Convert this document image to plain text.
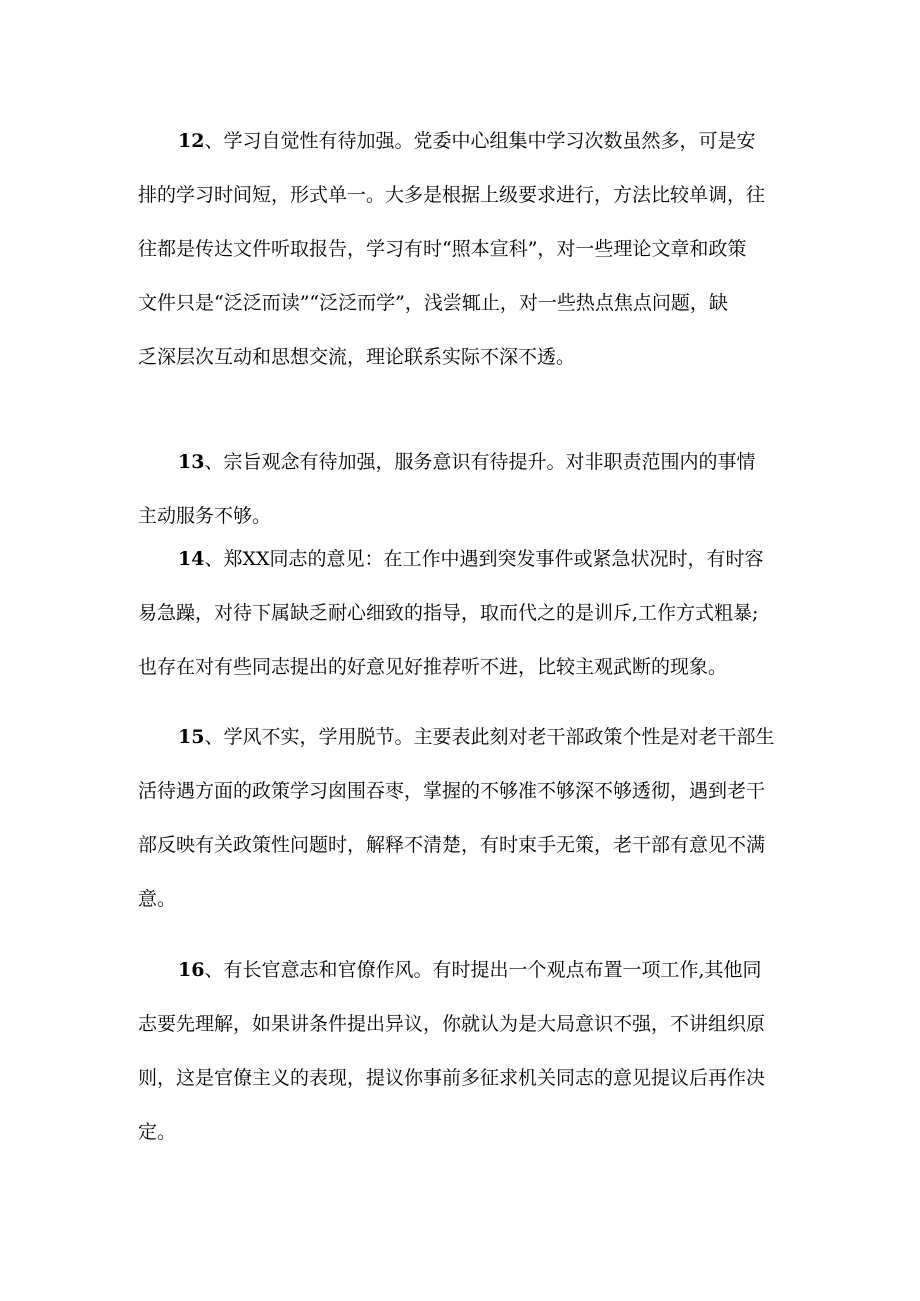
12、学习自觉性有待加强。党委中心组集中学习次数虽然多，可是安
排的学习时间短，形式单一。大多是根据上级要求进行，方法比较单调，往
往都是传达文件听取报告，学习有时“照本宣科”，对一些理论文章和政策
文件只是“泛泛而读”“泛泛而学”，浅尝辄止，对一些热点焦点问题，缺
乏深层次互动和思想交流，理论联系实际不深不透。
13、宗旨观念有待加强，服务意识有待提升。对非职责范围内的事情
主动服务不够。
14、郑XX同志的意见：在工作中遇到突发事件或紧急状况时，有时容
易急躁，对待下属缺乏耐心细致的指导，取而代之的是训斥,工作方式粗暴;
也存在对有些同志提出的好意见好推荐听不进，比较主观武断的现象。
15、学风不实，学用脱节。主要表此刻对老干部政策个性是对老干部生
活待遇方面的政策学习囱围吞枣，掌握的不够准不够深不够透彻，遇到老干
部反映有关政策性问题时，解释不清楚，有时束手无策，老干部有意见不满
意。
16、有长官意志和官僚作风。有时提出一个观点布置一项工作,其他同
志要先理解，如果讲条件提出异议，你就认为是大局意识不强，不讲组织原
则，这是官僚主义的表现，提议你事前多征求机关同志的意见提议后再作决
定。
